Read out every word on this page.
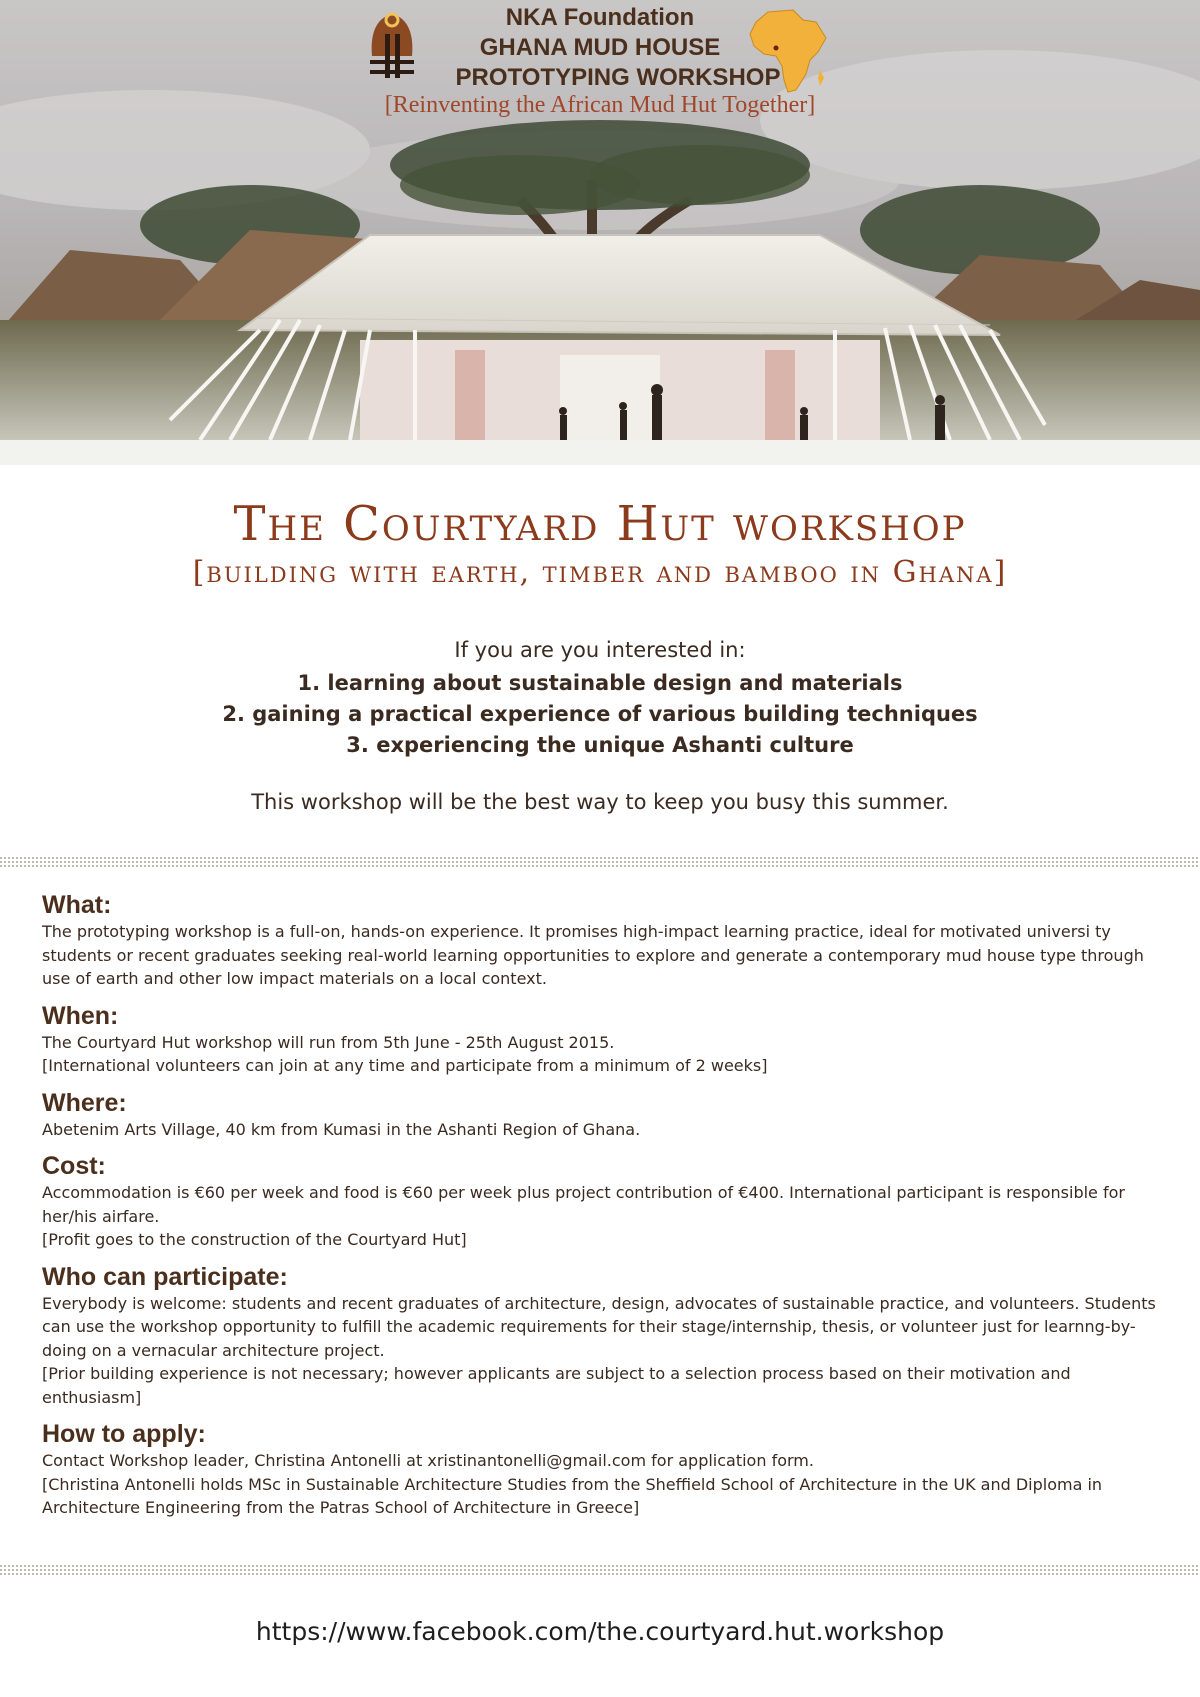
NKA Foundation

GHANA MUD HOUSE

PROTOTYPING WORKSHOP

[Reinventing the African Mud Hut Together]

The Courtyard Hut workshop
[building with earth, timber and bamboo in Ghana]

If you are you interested in:

1. learning about sustainable design and materials
2. gaining a practical experience of various building techniques
3. experiencing the unique Ashanti culture

This workshop will be the best way to keep you busy this summer.

What:

The prototyping workshop is a full-on, hands-on experience. It promises high-impact learning practice, ideal for motivated universi ty students or recent graduates seeking real-world learning opportunities to explore and generate a contemporary mud house type through use of earth and other low impact materials on a local context.

When:

The Courtyard Hut workshop will run from 5th June - 25th August 2015.

[International volunteers can join at any time and participate from a minimum of 2 weeks]

Where:

Abetenim Arts Village, 40 km from Kumasi in the Ashanti Region of Ghana.

Cost:

Accommodation is €60 per week and food is €60 per week plus project contribution of €400. International participant is responsible for her/his airfare.

[Profit goes to the construction of the Courtyard Hut]

Who can participate:

Everybody is welcome: students and recent graduates of architecture, design, advocates of sustainable practice, and volunteers. Students can use the workshop opportunity to fulfill the academic requirements for their stage/internship, thesis, or volunteer just for learnng-by-doing on a vernacular architecture project.

[Prior building experience is not necessary; however applicants are subject to a selection process based on their motivation and enthusiasm]

How to apply:

Contact Workshop leader, Christina Antonelli at xristinantonelli@gmail.com for application form.

[Christina Antonelli holds MSc in Sustainable Architecture Studies from the Sheffield School of Architecture in the UK and Diploma in Architecture Engineering from the Patras School of Architecture in Greece]

https://www.facebook.com/the.courtyard.hut.workshop
